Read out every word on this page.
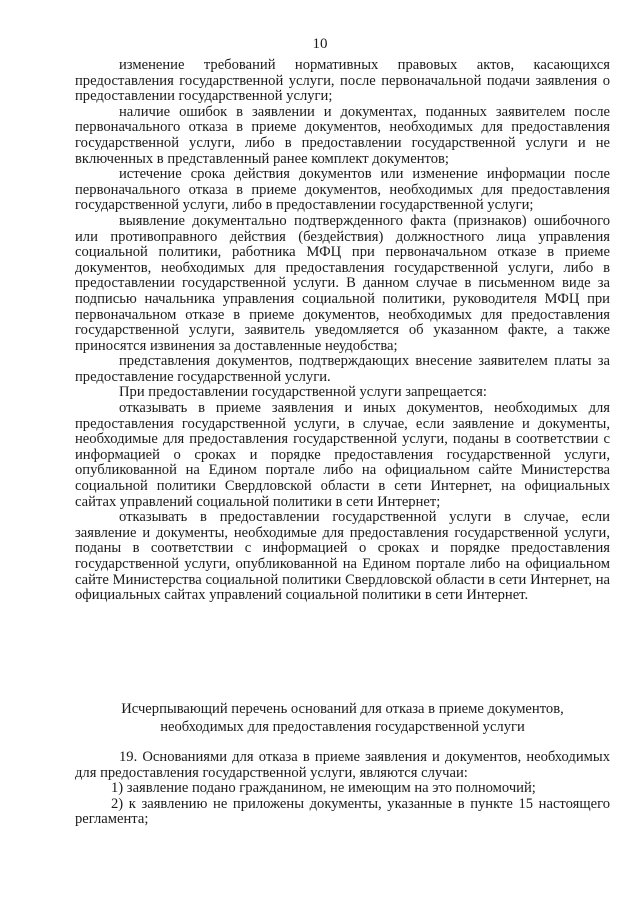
10

изменение требований нормативных правовых актов, касающихся предоставления государственной услуги, после первоначальной подачи заявления о предоставлении государственной услуги;

наличие ошибок в заявлении и документах, поданных заявителем после первоначального отказа в приеме документов, необходимых для предоставления государственной услуги, либо в предоставлении государственной услуги и не включенных в представленный ранее комплект документов;

истечение срока действия документов или изменение информации после первоначального отказа в приеме документов, необходимых для предоставления государственной услуги, либо в предоставлении государственной услуги;

выявление документально подтвержденного факта (признаков) ошибочного или противоправного действия (бездействия) должностного лица управления социальной политики, работника МФЦ при первоначальном отказе в приеме документов, необходимых для предоставления государственной услуги, либо в предоставлении государственной услуги. В данном случае в письменном виде за подписью начальника управления социальной политики, руководителя МФЦ при первоначальном отказе в приеме документов, необходимых для предоставления государственной услуги, заявитель уведомляется об указанном факте, а также приносятся извинения за доставленные неудобства;

представления документов, подтверждающих внесение заявителем платы за предоставление государственной услуги.

При предоставлении государственной услуги запрещается:

отказывать в приеме заявления и иных документов, необходимых для предоставления государственной услуги, в случае, если заявление и документы, необходимые для предоставления государственной услуги, поданы в соответствии с информацией о сроках и порядке предоставления государственной услуги, опубликованной на Едином портале либо на официальном сайте Министерства социальной политики Свердловской области в сети Интернет, на официальных сайтах управлений социальной политики в сети Интернет;

отказывать в предоставлении государственной услуги в случае, если заявление и документы, необходимые для предоставления государственной услуги, поданы в соответствии с информацией о сроках и порядке предоставления государственной услуги, опубликованной на Едином портале либо на официальном сайте Министерства социальной политики Свердловской области в сети Интернет, на официальных сайтах управлений социальной политики в сети Интернет.

Исчерпывающий перечень оснований для отказа в приеме документов,
необходимых для предоставления государственной услуги

19. Основаниями для отказа в приеме заявления и документов, необходимых для предоставления государственной услуги, являются случаи:

1) заявление подано гражданином, не имеющим на это полномочий;

2) к заявлению не приложены документы, указанные в пункте 15 настоящего регламента;
